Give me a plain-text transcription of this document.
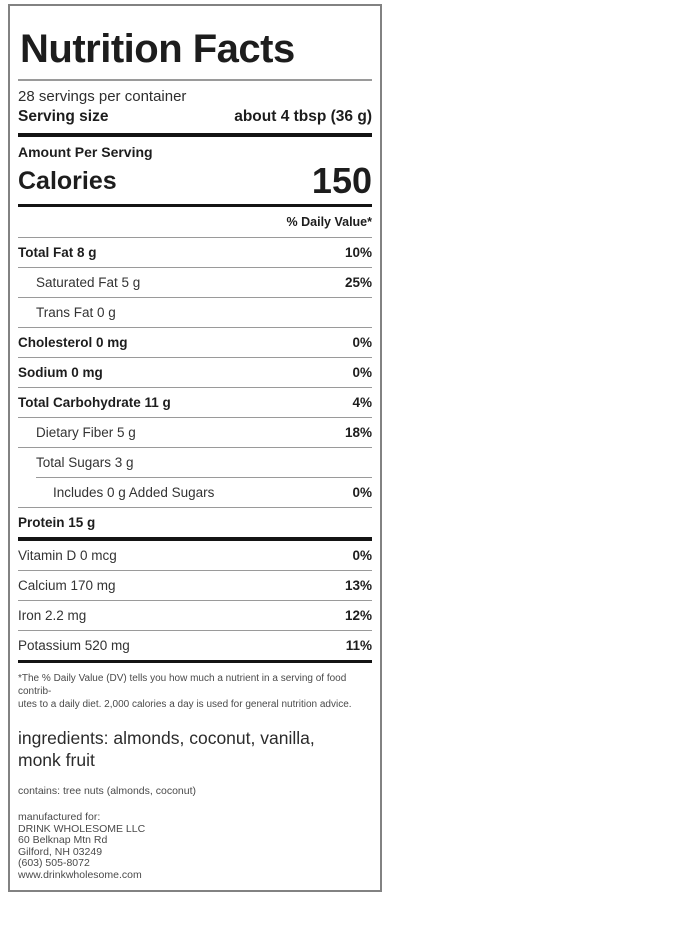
Nutrition Facts
28 servings per container
Serving size	about 4 tbsp (36 g)
Amount Per Serving
Calories	150
% Daily Value*
Total Fat 8 g	10%
Saturated Fat 5 g	25%
Trans Fat 0 g
Cholesterol 0 mg	0%
Sodium 0 mg	0%
Total Carbohydrate 11 g	4%
Dietary Fiber 5 g	18%
Total Sugars 3 g
Includes 0 g Added Sugars	0%
Protein 15 g
Vitamin D 0 mcg	0%
Calcium 170 mg	13%
Iron 2.2 mg	12%
Potassium 520 mg	11%
*The % Daily Value (DV) tells you how much a nutrient in a serving of food contrib-
utes to a daily diet. 2,000 calories a day is used for general nutrition advice.
ingredients: almonds, coconut, vanilla,
monk fruit
contains: tree nuts (almonds, coconut)
manufactured for:
DRINK WHOLESOME LLC
60 Belknap Mtn Rd
Gilford, NH 03249
(603) 505-8072
www.drinkwholesome.com
